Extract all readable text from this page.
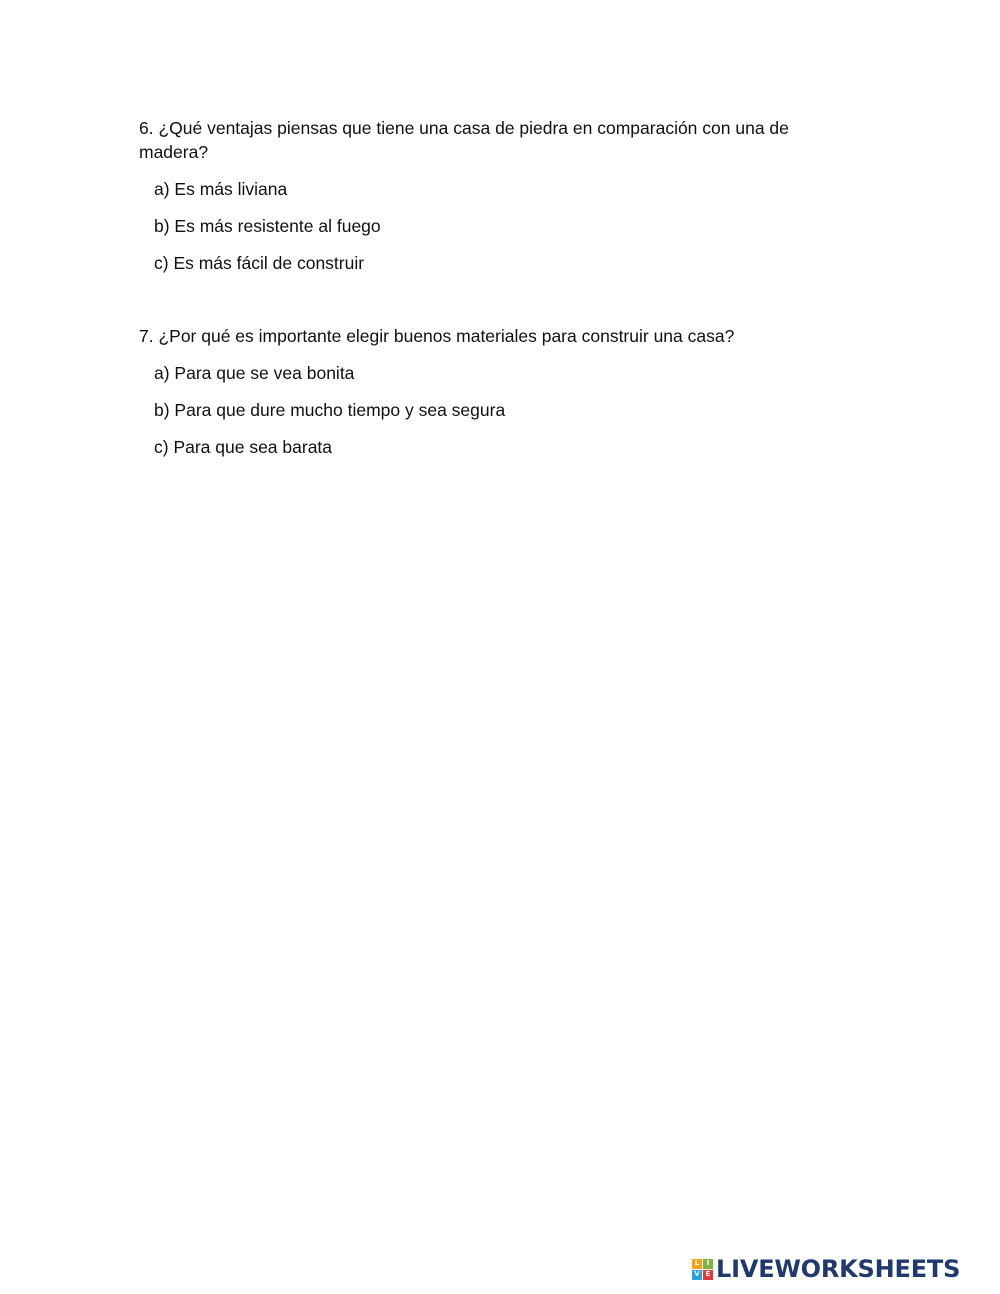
6. ¿Qué ventajas piensas que tiene una casa de piedra en comparación con una de madera?

a) Es más liviana
b) Es más resistente al fuego
c) Es más fácil de construir

7. ¿Por qué es importante elegir buenos materiales para construir una casa?

a) Para que se vea bonita
b) Para que dure mucho tiempo y sea segura
c) Para que sea barata
L	I
V E LIVEWORKSHEETS
